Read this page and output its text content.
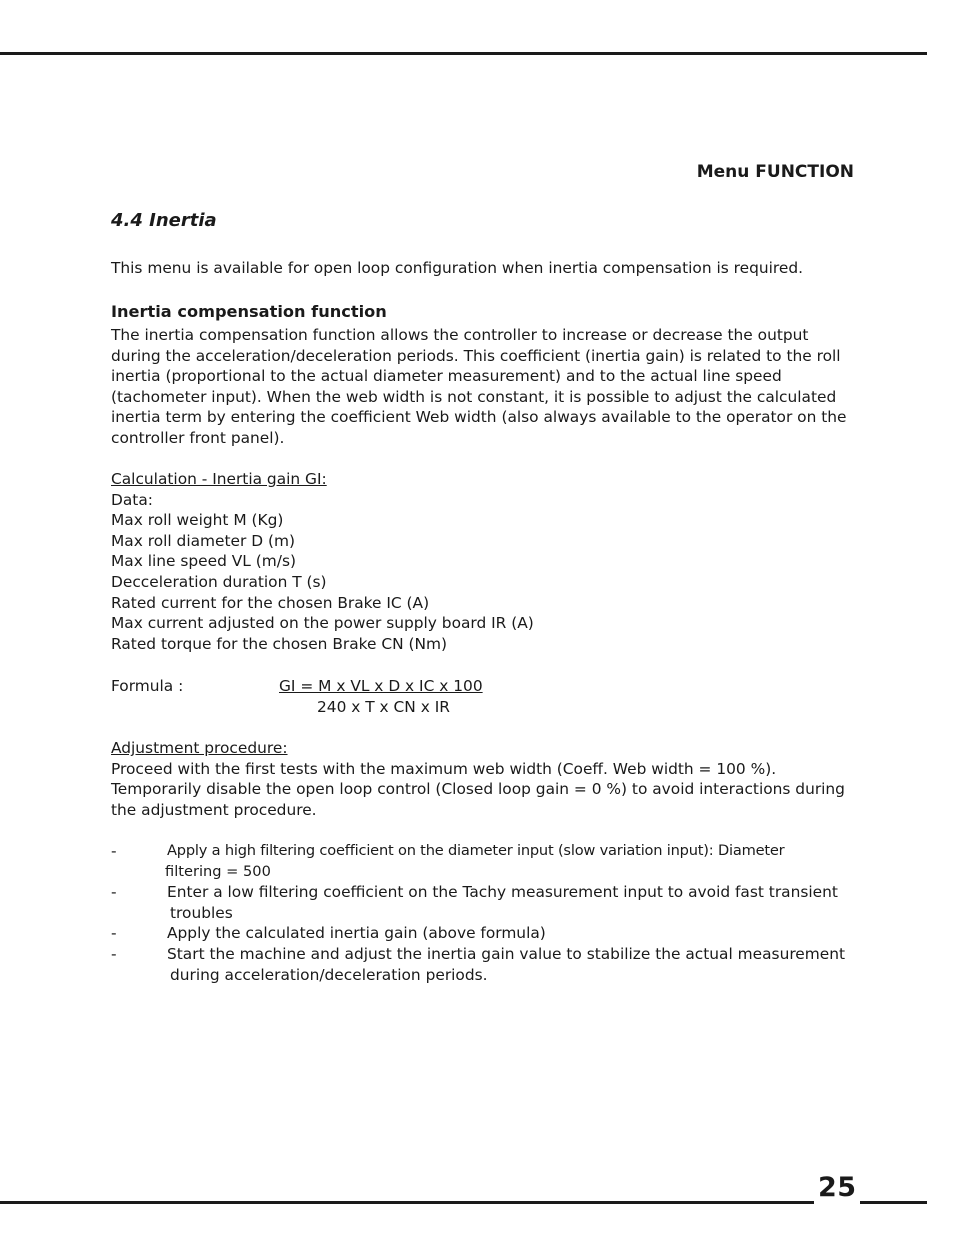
Menu FUNCTION
4.4 Inertia
This menu is available for open loop configuration when inertia compensation is required.
Inertia compensation function
The inertia compensation function allows the controller to increase or decrease the output
during the acceleration/deceleration periods. This coefficient (inertia gain) is related to the roll
inertia (proportional to the actual diameter measurement) and to the actual line speed
(tachometer input). When the web width is not constant, it is possible to adjust the calculated
inertia term by entering the coefficient Web width (also always available to the operator on the
controller front panel).
Calculation - Inertia gain GI:
Data:
Max roll weight M (Kg)
Max roll diameter D (m)
Max line speed VL (m/s)
Decceleration duration T (s)
Rated current for the chosen Brake IC (A)
Max current adjusted on the power supply board IR (A)
Rated torque for the chosen Brake CN (Nm)
Formula :	GI = M x VL x D x IC x 100
240 x T x CN x IR
Adjustment procedure:
Proceed with the first tests with the maximum web width (Coeff. Web width = 100 %).
Temporarily disable the open loop control (Closed loop gain = 0 %) to avoid interactions during
the adjustment procedure.
-	Apply a high filtering coefficient on the diameter input (slow variation input): Diameter
filtering = 500
-	Enter a low filtering coefficient on the Tachy measurement input to avoid fast transient
troubles
-	Apply the calculated inertia gain (above formula)
-	Start the machine and adjust the inertia gain value to stabilize the actual measurement
during acceleration/deceleration periods.
25
